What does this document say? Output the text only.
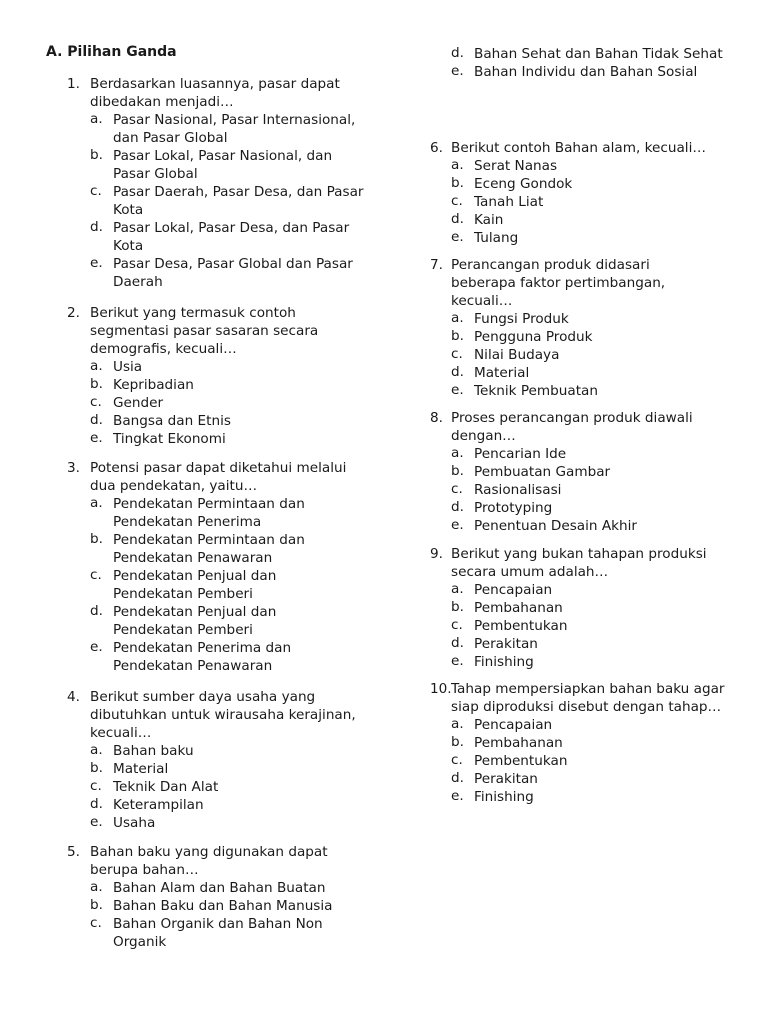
A. Pilihan Ganda
1. Berdasarkan luasannya, pasar dapat dibedakan menjadi…
a. Pasar Nasional, Pasar Internasional, dan Pasar Global
b. Pasar Lokal, Pasar Nasional, dan Pasar Global
c. Pasar Daerah, Pasar Desa, dan Pasar Kota
d. Pasar Lokal, Pasar Desa, dan Pasar Kota
e. Pasar Desa, Pasar Global dan Pasar Daerah
2. Berikut yang termasuk contoh segmentasi pasar sasaran secara demografis, kecuali…
a. Usia
b. Kepribadian
c. Gender
d. Bangsa dan Etnis
e. Tingkat Ekonomi
3. Potensi pasar dapat diketahui melalui dua pendekatan, yaitu…
a. Pendekatan Permintaan dan Pendekatan Penerima
b. Pendekatan Permintaan dan Pendekatan Penawaran
c. Pendekatan Penjual dan Pendekatan Pemberi
d. Pendekatan Penjual dan Pendekatan Pemberi
e. Pendekatan Penerima dan Pendekatan Penawaran
4. Berikut sumber daya usaha yang dibutuhkan untuk wirausaha kerajinan, kecuali…
a. Bahan baku
b. Material
c. Teknik Dan Alat
d. Keterampilan
e. Usaha
5. Bahan baku yang digunakan dapat berupa bahan…
a. Bahan Alam dan Bahan Buatan
b. Bahan Baku dan Bahan Manusia
c. Bahan Organik dan Bahan Non Organik
d. Bahan Sehat dan Bahan Tidak Sehat
e. Bahan Individu dan Bahan Sosial
6. Berikut contoh Bahan alam, kecuali…
a. Serat Nanas
b. Eceng Gondok
c. Tanah Liat
d. Kain
e. Tulang
7. Perancangan produk didasari beberapa faktor pertimbangan, kecuali…
a. Fungsi Produk
b. Pengguna Produk
c. Nilai Budaya
d. Material
e. Teknik Pembuatan
8. Proses perancangan produk diawali dengan…
a. Pencarian Ide
b. Pembuatan Gambar
c. Rasionalisasi
d. Prototyping
e. Penentuan Desain Akhir
9. Berikut yang bukan tahapan produksi secara umum adalah…
a. Pencapaian
b. Pembahanan
c. Pembentukan
d. Perakitan
e. Finishing
10. Tahap mempersiapkan bahan baku agar siap diproduksi disebut dengan tahap…
a. Pencapaian
b. Pembahanan
c. Pembentukan
d. Perakitan
e. Finishing
